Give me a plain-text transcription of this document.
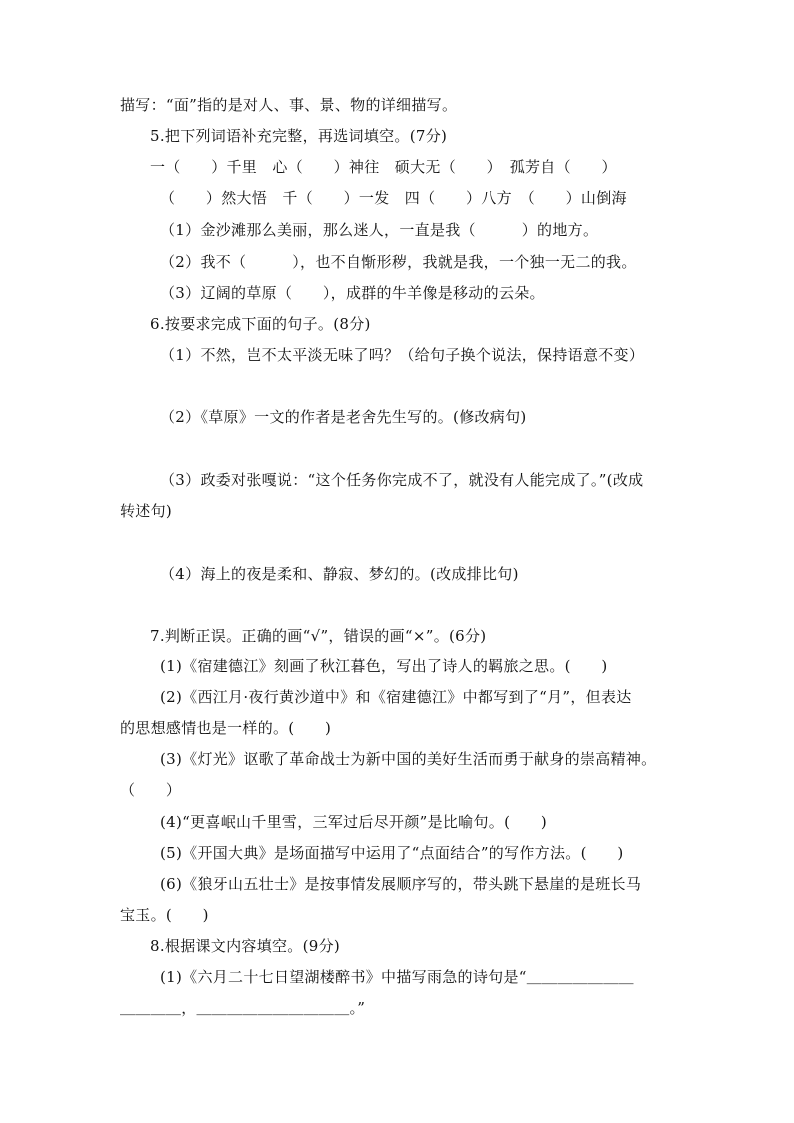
描写：“面”指的是对人、事、景、物的详细描写。
5.把下列词语补充完整，再选词填空。(7分)
一（　　）千里　心（　　）神往　硕大无（　　）　孤芳自（　　）
（　　）然大悟　千（　　）一发　四（　　）八方　（　　）山倒海
（1）金沙滩那么美丽，那么迷人，一直是我（　　　）的地方。
（2）我不（　　　），也不自惭形秽，我就是我，一个独一无二的我。
（3）辽阔的草原（　　），成群的牛羊像是移动的云朵。
6.按要求完成下面的句子。(8分)
（1）不然，岂不太平淡无味了吗？（给句子换个说法，保持语意不变）
（2）《草原》一文的作者是老舍先生写的。(修改病句)
（3）政委对张嘎说：“这个任务你完成不了，就没有人能完成了。”(改成
转述句)
（4）海上的夜是柔和、静寂、梦幻的。(改成排比句)
7.判断正误。正确的画“√”，错误的画“×”。(6分)
(1)《宿建德江》刻画了秋江暮色，写出了诗人的羁旅之思。(　　)
(2)《西江月·夜行黄沙道中》和《宿建德江》中都写到了“月”，但表达
的思想感情也是一样的。(　　)
(3)《灯光》讴歌了革命战士为新中国的美好生活而勇于献身的崇高精神。
（　　）
(4)“更喜岷山千里雪，三军过后尽开颜”是比喻句。(　　)
(5)《开国大典》是场面描写中运用了“点面结合”的写作方法。(　　)
(6)《狼牙山五壮士》是按事情发展顺序写的，带头跳下悬崖的是班长马
宝玉。(　　)
8.根据课文内容填空。(9分)
(1)《六月二十七日望湖楼醉书》中描写雨急的诗句是“＿＿＿＿＿＿＿
＿＿＿＿，＿＿＿＿＿＿＿＿＿＿。”
